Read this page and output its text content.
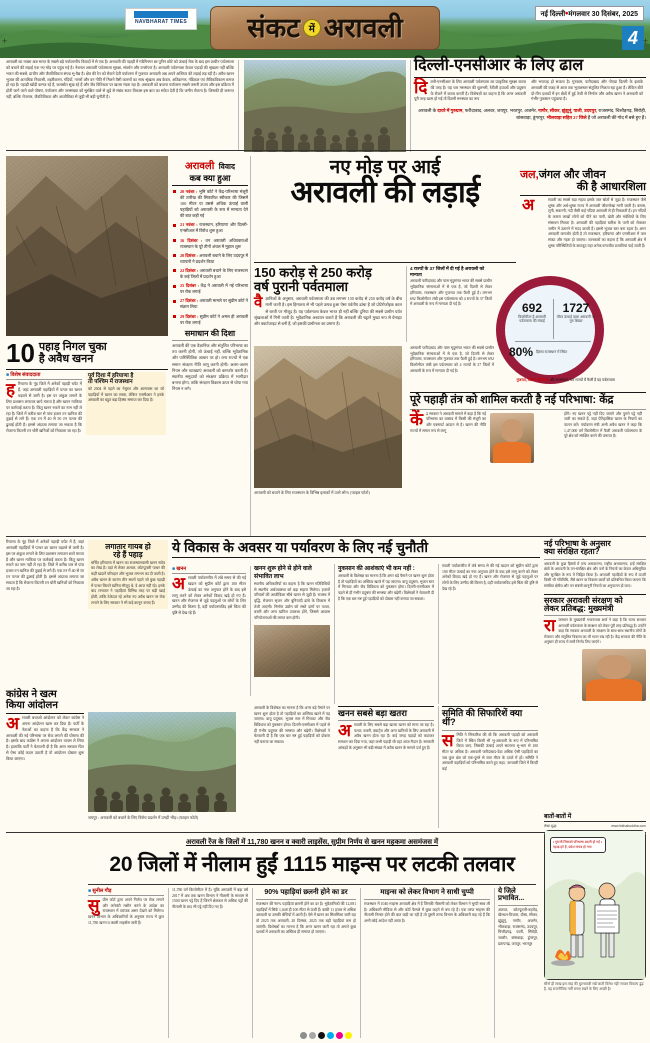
NAVBHARAT TIMES	संकट में अरावली	नई दिल्ली•मंगलवार 30 दिसंबर, 2025
4
+	+
अरावली का नक्शा अब भारत के सबसे बड़े पर्यावरणीय विवादों में से एक है। अरावली की पहाड़ी में गंडेमिनगर छा पुनिन छोटे को ऊंचाई रोक के बाद इस प्राचीन पर्वतमाला को बचाने की लड़ाई एक नए मोड़ पर पहुंच गई है। नेशनल अरावली पर्वतमाला सुरक्षा, संवर्धन और वनरोपण है। अरावली पर्वतमाला केवल पहाड़ों की श्रृंखला नहीं बल्कि भारत की सबसे, प्राचीन और जैवविविधता संपन्न भू-वैद्य है। क्षेत्र की रेत को रोकने देती पर्यावरण में गुजरात अरावली अब अपने अस्तित्व की लड़ाई लड़ रही है। अवैध खनन भूजल की अत्यधिक निकासी, शहरीकरण, गंदियों, नागरों और वन नीति में मिलने वैसी कारणों का साथ श्रृंखला अब केवल, अतिक्रमण, गंडिकल एवं जैविकविकास कमज हो रहा है। पहाड़ी खोदी कमज रहे हैं, जलस्रोत सूख रहे हैं और जैव विविधता पर खतरा मंडरा रहा है। अरावली को बचाना पर्यावरण सबसे जरूरी उपाय और इस प्रक्रिया में होती जागे जाने वाले पोषण, पर्यावरण और जनसंख्या को सुरक्षित वाले से जुड़े से संबंध सतत विकास इस बात का संकेत देती है कि जमीन रोकना है। जिसकी ही जरूरत नहीं, बल्कि रोजगार, जैवविविधता और आजीविका से जुड़ी भी बड़ी चुनौती है।
दिल्ली-एनसीआर के लिए ढाल
दि ल्ली-एनसीआर के लिए अरावली पर्वतमाला का प्राकृतिक सुरक्षा कवच की तरह है। यह थार मरुस्थल की धूलभरी, रेतीली हवाओं और प्रदूषण के रोकने में कवच करती है। विशेषज्ञों का कहना है कि अगर अरावली पूरी तरह खत्म हो गई तो दिल्ली मरुस्थल का रूप
और भयावह हो सकता है। गुरुग्राम, फरीदाबाद और नोएडा दिल्ली के इलाके अरावली की वजह से आज तक भूजलस्तर संतुलित मिलता रहा हुआ है। लेकिन बीते दो-तीन दशकों में इन क्षेत्रों में हुई तेजी से निर्माण और अवैध खनन ने अरावली को गंभीर नुकसान पहुंचाया है।
अरावली के दायरे में गुरुग्राम, फरीदाबाद, अलवर, जयपुर, भरतपुर, अजमेर, नागौर, सीकर, झुंझुनूं, पाली, उदयपुर, राजसमंद, चित्तौड़गढ़, सिरोही, बांसवाड़ा, डूंगरपुर, भीलवाड़ा सहित 27 जिले हैं जो अरावली की गोद में बसे हुए हैं।
अरावली विवाद
कब क्या हुआ
20 नवंबर : भूमि कोर्ट ने केंद्र-परिभाषा मंजूरी की तारीख की सिफारिश स्वीकार की जिसमें 100 मीटर या उससे अधिक ऊंचाई वाली पहाड़ियों को अरावली के रूप में मान्यता देने की बात कही गई
21 नवंबर : राजस्थान, हरियाणा और दिल्ली-एनसीआर में विरोध शुरू हुआ
16 दिसंबर : वन अरावली अधिवक्ताओं राजस्थान के पूरे तीनों अंचल में मुहाल शुरू
20 दिसंबर : अरावली बचाने के लिए उदयपुर में व्यापारी ने प्रदर्शन किया
22 दिसंबर : अरावली बचाने के लिए राजस्थान के कई जिलों में प्रदर्शन हुआ
25 दिसंबर : केंद्र ने अरावली में नई परिभाषा पर रोक लगाई
27 दिसंबर : अरावली मामले पर सुप्रीम कोर्ट ने संज्ञान लिया
29 दिसंबर : सुप्रीम कोर्ट ने अमल ही अरावली पर रोक लगाई
समाधान की दिशा
अरावली की एक वैज्ञानिक और संतुलित परिभाषा का तय करनी होगी, जो ऊंचाई नहीं, बल्कि भूवैज्ञानिक और पारिस्थितिक आधार पर हो। वन्य राज्यों में एक समान संरक्षण नीति लागू करनी होगी। अलग-अलग नियम और व्याख्याएं अरावली को कमजोर करती हैं। स्थानीय समुदायों को संरक्षण प्रक्रिया में भागीदार बनाना होगा, ताकि संरक्षण विकास ऊपर से थोपा गया नियम न लगे।
नए मोड़ पर आई
अरावली की लड़ाई
150 करोड़ से 250 करोड़
वर्ष पुरानी पर्वतमाला
वै ज्ञानिकों के अनुसार, अरावली पर्वतमाला की उम्र लगभग 150 करोड़ से 250 करोड़ वर्ष के बीच मानी जाती है। इस हिमालय से भी पहले उत्पन्न हुआ ऐसा पर्वतीय ढांचा है जो प्रोटेरोजोइक काल से धरती पर मौजूद है। यह पर्वतमाला केवल भारत ही नहीं बल्कि दुनिया की सबसे प्राचीन पर्वत श्रृंखलाओं में गिनी जाती है। भूवैज्ञानिक अध्ययन बताते हैं कि अरावली की चट्टानें मुख्य रूप से ग्रेनाइट और क्वार्टजाइट से बनी हैं, जो इसकी प्राचीनता का प्रमाण हैं।
4 राज्यों के 37 जिलों में दी गई है अरावली को मान्यता
अरावली फरीदाबाद और पास मृदुसंगत भारत की सबसे प्राचीन भूवैज्ञानिक संरचनाओं में से एक है, जो दिल्ली से लेकर हरियाणा, राजस्थान और गुजरात तक फैली हुई है। लगभग 692 किलोमीटर लंबी इस पर्वतमाला को 4 राज्यों के 37 जिलों में अरावली के रूप में मान्यता दी गई है।	692
किलोमीटर है अरावली पर्वतमाला की लंबाई
1727
मीटर ऊंचाई वाला अरावली का गुरु शिखर
80% हिस्सा राजस्थान में स्थित
गुजरात, दिल्ली, हरियाणा और राजस्थान, चार राज्यों में फैली है यह पर्वतमाला
जल,जंगल और जीवन
की है आधारशिला
अ	रावली का सबसे बड़ा महत्व इसके जल स्रोतों से जुड़ा है। राजस्थान जैसे शुष्क और अर्ध-शुष्क राज्य में अरावली जीवनरेखा मानी जाती है। बनास, लूनी, सकरनी, नदी जैसी कई नदियां अरावली से ही निकलती हैं। इन नदियों के कारण लाखों लोगों को पीने का पानी, खेती और मवेशियों के लिए संसाधन मिलता है। अरावली की पहाड़ियां बारिश के पानी को रोककर जमीन में उतारने में मदद करती हैं। इससे भूजल स्तर बना रहता है। अगर अरावली कमजोर होती है तो राजस्थान, हरियाणा और एनसीआर में जल संकट और गहरा हो जाएगा। जानकारों का कहना है कि अरावली क्षेत्र में शुष्क परिस्थितियों के बावजूद यहां अनेक वन्यजीव प्रजातियां पाई जाती हैं।
10 पहाड़ निगल चुका
है अवैध खनन
■ विशेष संवाददाता
ह रियाणा के नूंह जिले में अनेकों पहाड़ी चपेट में हैं, जहां अरावली पहाड़ियों में पत्थर का खनन धड़ल्ले से जारी है। इस पर अंकुश लगाने के लिए प्रशासन लगातार छापे मारता है और खनन माफिया पर कार्रवाई करता है। किंतु खनन रुकने का नाम नहीं ले रहा है। जिले में करीब चार से पांच हजार टन खनिज की तुड़ाई से लगे हैं। एक टन में 40 से 50 टन पत्थर की ढुलाई होती है। इससे अंदाजा लगाया जा सकता है कि रोजाना कितनी टन चोरी खनिजों को निकाला जा रहा है।
पूर्व दिशा में हरियाणा है
तो पश्चिम में राजस्थान
को 2004 से पहले का नेचुरल और आसपास का जो पहाड़ियों में खनन का रास्ता, लेकिन एनसीआर ने इनके अरावली का बहुत बड़ा हिस्सा समाप्त कर दिया है।
लगातार गायब हो
रहे हैं पहाड़
चर्चित हरियाणा में खनन का राजस्थानवासी खनन स्तोत्र का लेख है। वहां से लेकर अलवर, कोटपूतली पत्थर की कहीं खदानें परिवहन और भूजल लगभग का दी जाती है। अवैध खनन के कारण तीन सालों पहले जो कुछ पहाड़ी में पत्थर कितने खनिज मौजूद थे, वे आज नहीं रहे। इनके बाद लगातार ने पहाड़ियां विभिन्न तरह पर बड़ी खाई होती, ताकि ठेकेदार रहे अनेक नए अवैध खनन पर रोक लगाने के लिए सरकार ने भी कड़े कानून बनाए हैं।
रियाणा के नूंह जिले में अनेकों पहाड़ी चपेट में हैं, जहां अरावली पहाड़ियों में पत्थर का खनन धड़ल्ले से जारी है। इस पर अंकुश लगाने के लिए प्रशासन लगातार छापे मारता है और खनन माफिया पर कार्रवाई करता है। किंतु खनन रुकने का नाम नहीं ले रहा है। जिले में करीब चार से पांच हजार टन खनिज की तुड़ाई से लगे हैं। एक टन में 40 से 50 टन पत्थर की ढुलाई होती है। इससे अंदाजा लगाया जा सकता है कि रोजाना कितनी टन चोरी खनिजों को निकाला जा रहा है।
कांग्रेस ने खत्म
किया आंदोलन
अ रावली बचाओ आंदोलन को लेकर कांग्रेस ने अपना आंदोलन खत्म कर दिया है। पार्टी के नेताओं का कहना है कि केंद्र सरकार ने अरावली की नई परिभाषा पर रोक लगाने की घोषणा की है। इसके बाद कांग्रेस ने अपना आंदोलन वापस ले लिया है। हालांकि पार्टी ने चेतावनी दी है कि अगर सरकार फिर से ऐसा कोई कदम उठाती है तो आंदोलन दोबारा शुरू किया जाएगा।
जयपुर : अरावली को बचाने के लिए विरोध प्रदर्शन में उमड़ी भीड़। (फाइल फोटो)
अरावली को बचाने के लिए राजस्थान के विभिन्न इलाकों में उतरे लोग। (फाइल फोटो)
अरावली फरीदाबाद और पास मृदुसंगत भारत की सबसे प्राचीन भूवैज्ञानिक संरचनाओं में से एक है, जो दिल्ली से लेकर हरियाणा, राजस्थान और गुजरात तक फैली हुई है। लगभग 692 किलोमीटर लंबी इस पर्वतमाला को 4 राज्यों के 37 जिलों में अरावली के रूप में मान्यता दी गई है।
पूरे पहाड़ी तंत्र को शामिल करती है नई परिभाषा: केंद्र
कें द्र सरकार ने अरावली मामले में कहा है कि नई परिभाषा का वास्तव में किसी की मंजूरी का और एक्सपर्ट आदान से है। खनन की नीति राज्यों में समान रूप से लागू
होंगे। नए खनन पट्टे नहीं दिए जाएंगे और पुराने पट्टे नहीं जारी का सकते हैं, जहां ऐतिहासिक खनन के नियमों का पालन करें। पर्यावरण मंत्री अभी अवैध खनन ने कहा कि 1,47,000 वर्ग किलोमीटर में फैली अरावली पर्वतमाला के पूरे क्षेत्र को संरक्षित करने की जरूरत है।
ये विकास के अवसर या पर्यावरण के लिए नई चुनौती
■ खनन
अ रावली पर्यावरणीय में लंबे समय से की गई खदान को सुप्रीम कोर्ट द्वारा 100 मीटर ऊंचाई का नया अनुपात होने के बाद इसे लागू करने को लेकर अनेकों विवाद खड़े हो गए हैं। खनन और रोजगार से जुड़े पहलुओं पर लोगों के लिए उम्मीद की किरण है, वहीं पर्यावरणविद इसे चिंता की दृष्टि से देख रहे हैं।
खनन शुरू होने से होने वाले संभावित लाभ
स्थानीय अधिकारियों का कहना है कि खनन गतिविधियों से स्थानीय अर्थव्यवस्था को बड़ा सहारा मिलेगा। हजारों परिवारों की आजीविका सीधे खनन से जुड़ी है। राजस्व में वृद्धि, रोजगार सृजन और बुनियादी ढांचे के विकास में तेजी आएगी। निर्माण उद्योग को सस्ते दामों पर पत्थर, बजरी और अन्य खनिज उपलब्ध होंगे, जिससे आवास परियोजनाओं की लागत कम होगी।
नुकसान की आशंकाएं भी कम नहीं :
अरावली के विशेषज्ञ का मानना है कि अगर बड़े पैमाने पर खनन शुरू होता है तो पहाड़ियों का अस्तित्व खतरे में पड़ जाएगा। वायु प्रदूषण, भूजल स्तर में गिरावट और जैव विविधता को नुकसान होगा। दिल्ली-एनसीआर में पहले से ही गंभीर प्रदूषण की समस्या और बढ़ेगी। विशेषज्ञों ने चेतावनी दी है कि एक बार नष्ट हुई पहाड़ियों को दोबारा नहीं बनाया जा सकता।
रावली पर्यावरणीय में लंबे समय से की गई खदान को सुप्रीम कोर्ट द्वारा 100 मीटर ऊंचाई का नया अनुपात होने के बाद इसे लागू करने को लेकर अनेकों विवाद खड़े हो गए हैं। खनन और रोजगार से जुड़े पहलुओं पर लोगों के लिए उम्मीद की किरण है, वहीं पर्यावरणविद इसे चिंता की दृष्टि से देख रहे हैं।
नई परिभाषा के अनुसार
क्या संरक्षित रहता?
अरावली के कुछ हिस्सों में वन्य अभयारण्य, राष्ट्रीय अभयारण्य, इन्हें संरक्षित क्षेत्रों के अरावली के वन-संरक्षित क्षेत्र और वनों के नियमों का केवल अधिसूचित और सुरक्षित के रूप में चिह्नित किया है। अरावली पहाड़ियों के रूप में ऊपरी किसी भी गतिविधि, जैसे खनन या विकास कार्यों को प्रतिबंधित किया जाएगा कि संबंधित क्षेत्रीय और वन संबंधी कानूनी नियमों का अनुपालन हो जाए।
सरकार अरावली संरक्षण को
लेकर प्रतिबद्ध: मुख्यमंत्री
रा जस्थान के मुख्यमंत्री भजनलाल शर्मा ने कहा है कि राज्य सरकार अरावली पर्वतमाला के संरक्षण को लेकर पूरी तरह प्रतिबद्ध है। उन्होंने कहा कि सरकार अरावली के संरक्षण के साथ-साथ स्थानीय लोगों के रोजगार और संतुलित विकास का भी ध्यान रख रही है। केंद्र सरकार की नीति के अनुसार ही राज्य में सभी निर्णय लिए जाएंगे।
खनन सबसे बड़ा खतरा
अ रावली के लिए सबसे बड़ा खतरा खनन को माना जा रहा है। पत्थर, बजरी, क्वार्ट्ज और अन्य खनिजों के लिए अरावली में अवैध खनन होता रहा है। कई जगह पहाड़ों को काटकर समतल कर दिया गया, जहां कभी पहाड़ी थी वहां आज मैदान है। सरकारी आंकड़ों के अनुसार भी बड़ी संख्या में अवैध खनन के मामले दर्ज हुए हैं।
समिति की सिफारिशें क्या थीं?
स मिति ने सिफारिश की थी कि अरावली पहाड़ी को अरावली जिले में स्थित किसी भी भू-अरावली के रूप में परिभाषित किया जाए, जिसकी ऊंचाई अपने सालाना भू-भाग से 100 मीटर या अधिक है। अरावली फरीदाबाद-देवा अधिक ऐसी पहाड़ियों का जब कुल क्षेत्र जो एक-दूसरे से 500 मीटर के दायरे में हों। समिति ने अरावली पहाड़ियों को परिभाषित करते हुए कहा, 'अरावली जिले में किन्हीं कई
अरावली के विशेषज्ञ का मानना है कि अगर बड़े पैमाने पर खनन शुरू होता है तो पहाड़ियों का अस्तित्व खतरे में पड़ जाएगा। वायु प्रदूषण, भूजल स्तर में गिरावट और जैव विविधता को नुकसान होगा। दिल्ली-एनसीआर में पहले से ही गंभीर प्रदूषण की समस्या और बढ़ेगी। विशेषज्ञों ने चेतावनी दी है कि एक बार नष्ट हुई पहाड़ियों को दोबारा नहीं बनाया जा सकता।
अरावली रेंज के जिलों में 11,780 खनन व क्वारी लाइसेंस, सुप्रीम निर्णय से खनन महकमा असमंजस में
20 जिलों में नीलाम हुईं 1115 माइन्स पर लटकी तलवार
■ सुनील गौड़
सु प्रीम कोर्ट द्वारा अपने निर्णय पर रोक लगाने और कनेक्टी मशीन करने के आदेश का राजस्थान में व्यापक असर देखने को मिलेगा। खनन विभाग के अधिकारियों के अनुसार राज्य में कुल 11,780 खनन व क्वारी लाइसेंस जारी हैं।
11,780 वर्ग किलोमीटर में है। चूंकि अरावली में बड़ा वर्ष 2017 में अब तक खनन विभाग ने नीलामी के माध्यम से 1500 खनन पट्टे दिए हैं जिनमें क्षेत्रफल से अधिक पट्टों की नीलामी के बाद भी पट्टे नहीं दिए गए हैं।
90% पहाड़ियां छलनी होने का डर
राजस्थान की 90% पहाड़ियां छलनी होने का डर है। भूवैज्ञानिकों की 12,081 पहाड़ियों में सिर्फ 1,048 ही 100 मीटर से ऊंची हैं। बाकी 11 हजार से अधिक अरावली या उसकी श्रेणियों में आती हैं। ऐसे में खनन का सिलसिला जारी रहा तो 2025 तक अरावली, 20 दिसंबर, 2025 तक बड़ी पहाड़ियां कम हो जाएंगी। विशेषज्ञों का मानना है कि अगर खनन जारी रहा तो अगले कुछ दशकों में अरावली का अस्तित्व ही समाप्त हो जाएगा।
माइन्स को लेकर विभाग ने साधी चुप्पी
राजस्थान में 1040 माइन्स अरावली क्षेत्र में हैं जिनकी नीलामी को लेकर विभाग ने चुप्पी साध ली है। अधिकारी मीडिया से और कोर्ट फैसले में कुछ कहने से बच रहे हैं। एक तरफ माइन्स की नीलामी निरस्त होने की बात कही जा रही है तो दूसरी तरफ विभाग के अधिकारी कह रहे हैं कि अभी कोई आदेश नहीं आया है।
ये जिले
प्रभावित...
अलवर, कोटपूतली-बहरोड़, खैरथल-तिजारा, दौसा, सीकर, झुंझुनूं, नागौर, अजमेर, भीलवाड़ा, राजसमंद, उदयपुर, चित्तौड़गढ़, पाली, सिरोही, जालौर, बांसवाड़ा, डूंगरपुर, प्रतापगढ़, जयपुर, भरतपुर
बातों-बातों में
लेखा बुद्धा	www.lekhabuddha.com
• गुरुजी जिसको परिभाषा बदली हो गई • पहाड़ हटे हैं, प्रदेश गायब हो गया
सीनो ही लाख इस तरह की घुटनबाजी रखें जाती विरोध नहीं 'सवाल विकल्प ढूंढ़' है, यह राजनीतिक गर्मी बनाए रखने के लिए अच्छी है!
